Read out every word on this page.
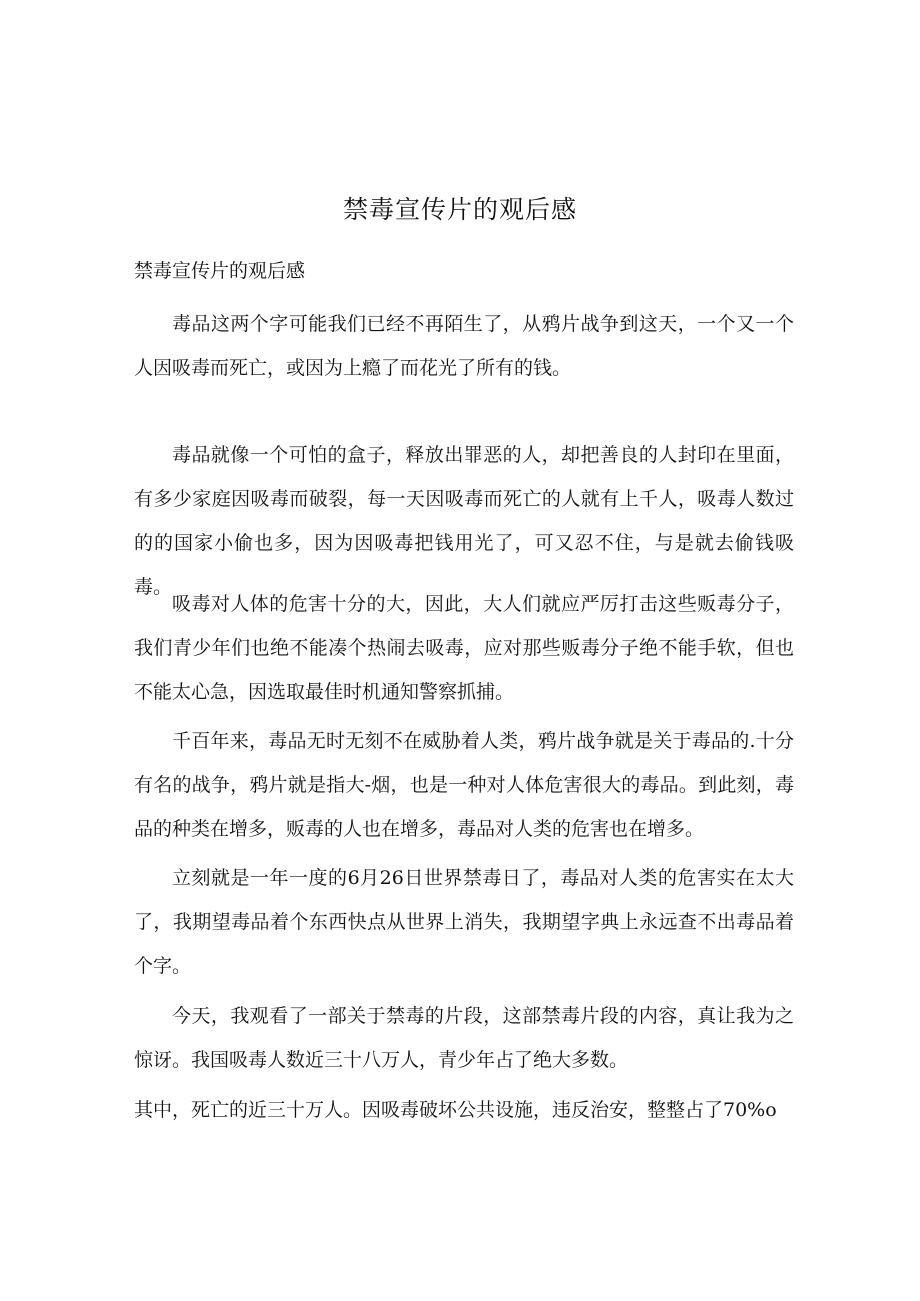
禁毒宣传片的观后感

禁毒宣传片的观后感

毒品这两个字可能我们已经不再陌生了，从鸦片战争到这天，一个又一个人因吸毒而死亡，或因为上瘾了而花光了所有的钱。

毒品就像一个可怕的盒子，释放出罪恶的人，却把善良的人封印在里面，有多少家庭因吸毒而破裂，每一天因吸毒而死亡的人就有上千人，吸毒人数过的的国家小偷也多，因为因吸毒把钱用光了，可又忍不住，与是就去偷钱吸毒。

吸毒对人体的危害十分的大，因此，大人们就应严厉打击这些贩毒分子，我们青少年们也绝不能凑个热闹去吸毒，应对那些贩毒分子绝不能手软，但也不能太心急，因选取最佳时机通知警察抓捕。

千百年来，毒品无时无刻不在威胁着人类，鸦片战争就是关于毒品的.十分有名的战争，鸦片就是指大-烟，也是一种对人体危害很大的毒品。到此刻，毒品的种类在增多，贩毒的人也在增多，毒品对人类的危害也在增多。

立刻就是一年一度的6月26日世界禁毒日了，毒品对人类的危害实在太大了，我期望毒品着个东西快点从世界上消失，我期望字典上永远查不出毒品着个字。

今天，我观看了一部关于禁毒的片段，这部禁毒片段的内容，真让我为之惊讶。我国吸毒人数近三十八万人，青少年占了绝大多数。

其中，死亡的近三十万人。因吸毒破坏公共设施，违反治安，整整占了70%o
